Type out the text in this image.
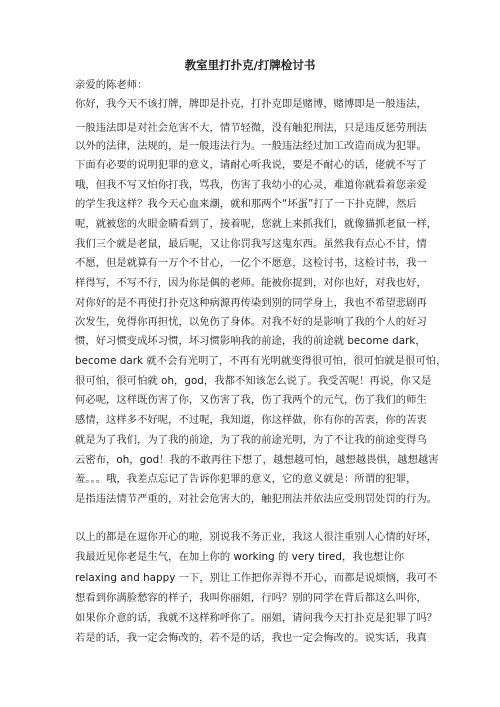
教室里打扑克/打牌检讨书
亲爱的陈老师：
你好，我今天不该打牌，牌即是扑克，打扑克即是赌博，赌博即是一般违法，
一般违法即是对社会危害不大，情节轻微，没有触犯刑法，只是违反惩劳刑法
以外的法律，法规的，是一般违法行为。一般违法经过加工改造而成为犯罪。
下面有必要的说明犯罪的意义，请耐心听我说，要是不耐心的话，佬就不写了
哦，但我不写又怕你打我，骂我，伤害了我幼小的心灵，难道你就看着您亲爱
的学生我这样？我今天心血来潮，就和那两个“坏蛋”打了一下扑克牌，然后
呢，就被您的火眼金睛看到了，接着呢，您就上来抓我们，就像猫抓老鼠一样，
我们三个就是老鼠，最后呢，又让你罚我写这鬼东西。虽然我有点心不甘，情
不愿，但是就算有一万个不甘心，一亿个不愿意，这检讨书，这检讨书，我一
样得写，不写不行，因为你是偶的老师。能被你捉到，对你也好，对我也好，
对你好的是不再使打扑克这种病源再传染到别的同学身上，我也不希望悲剧再
次发生，免得你再担忧，以免伤了身体。对我不好的是影响了我的个人的好习
惯，好习惯变成坏习惯，坏习惯影响我的前途，我的前途就 become dark，
become dark 就不会有光明了，不再有光明就变得很可怕，很可怕就是很可怕，
很可怕，很可怕就 oh，god，我都不知该怎么说了。我受苦呢！再说，你又是
何必呢，这样既伤害了你，又伤害了我，伤了我两个的元气，伤了我们的师生
感情，这样多不好呢，不过呢，我知道，你这样做，你有你的苦衷，你的苦衷
就是为了我们，为了我的前途，为了我的前途光明，为了不让我的前途变得乌
云密布，oh，god！我的不敢再往下想了，越想越可怕，越想越畏惧，越想越害
羞。。。哦，我差点忘记了告诉你犯罪的意义，它的意义就是：所谓的犯罪，
是指违法情节严重的，对社会危害大的，触犯刑法并依法应受刑罚处罚的行为。
以上的都是在逗你开心的啦，别说我不务正业，我这人很注重别人心情的好坏，
我最近见你老是生气，在加上你的 working 的 very tired，我也想让你
relaxing and happy 一下，别让工作把你弄得不开心，而都是说烦恼，我可不
想看到你满脸愁容的样子，我叫你丽姐，行吗？别的同学在背后都这么叫你，
如果你介意的话，我就不这样称呼你了。丽姐，请问我今天打扑克是犯罪了吗？
若是的话，我一定会悔改的，若不是的话，我也一定会悔改的。说实话，我真
